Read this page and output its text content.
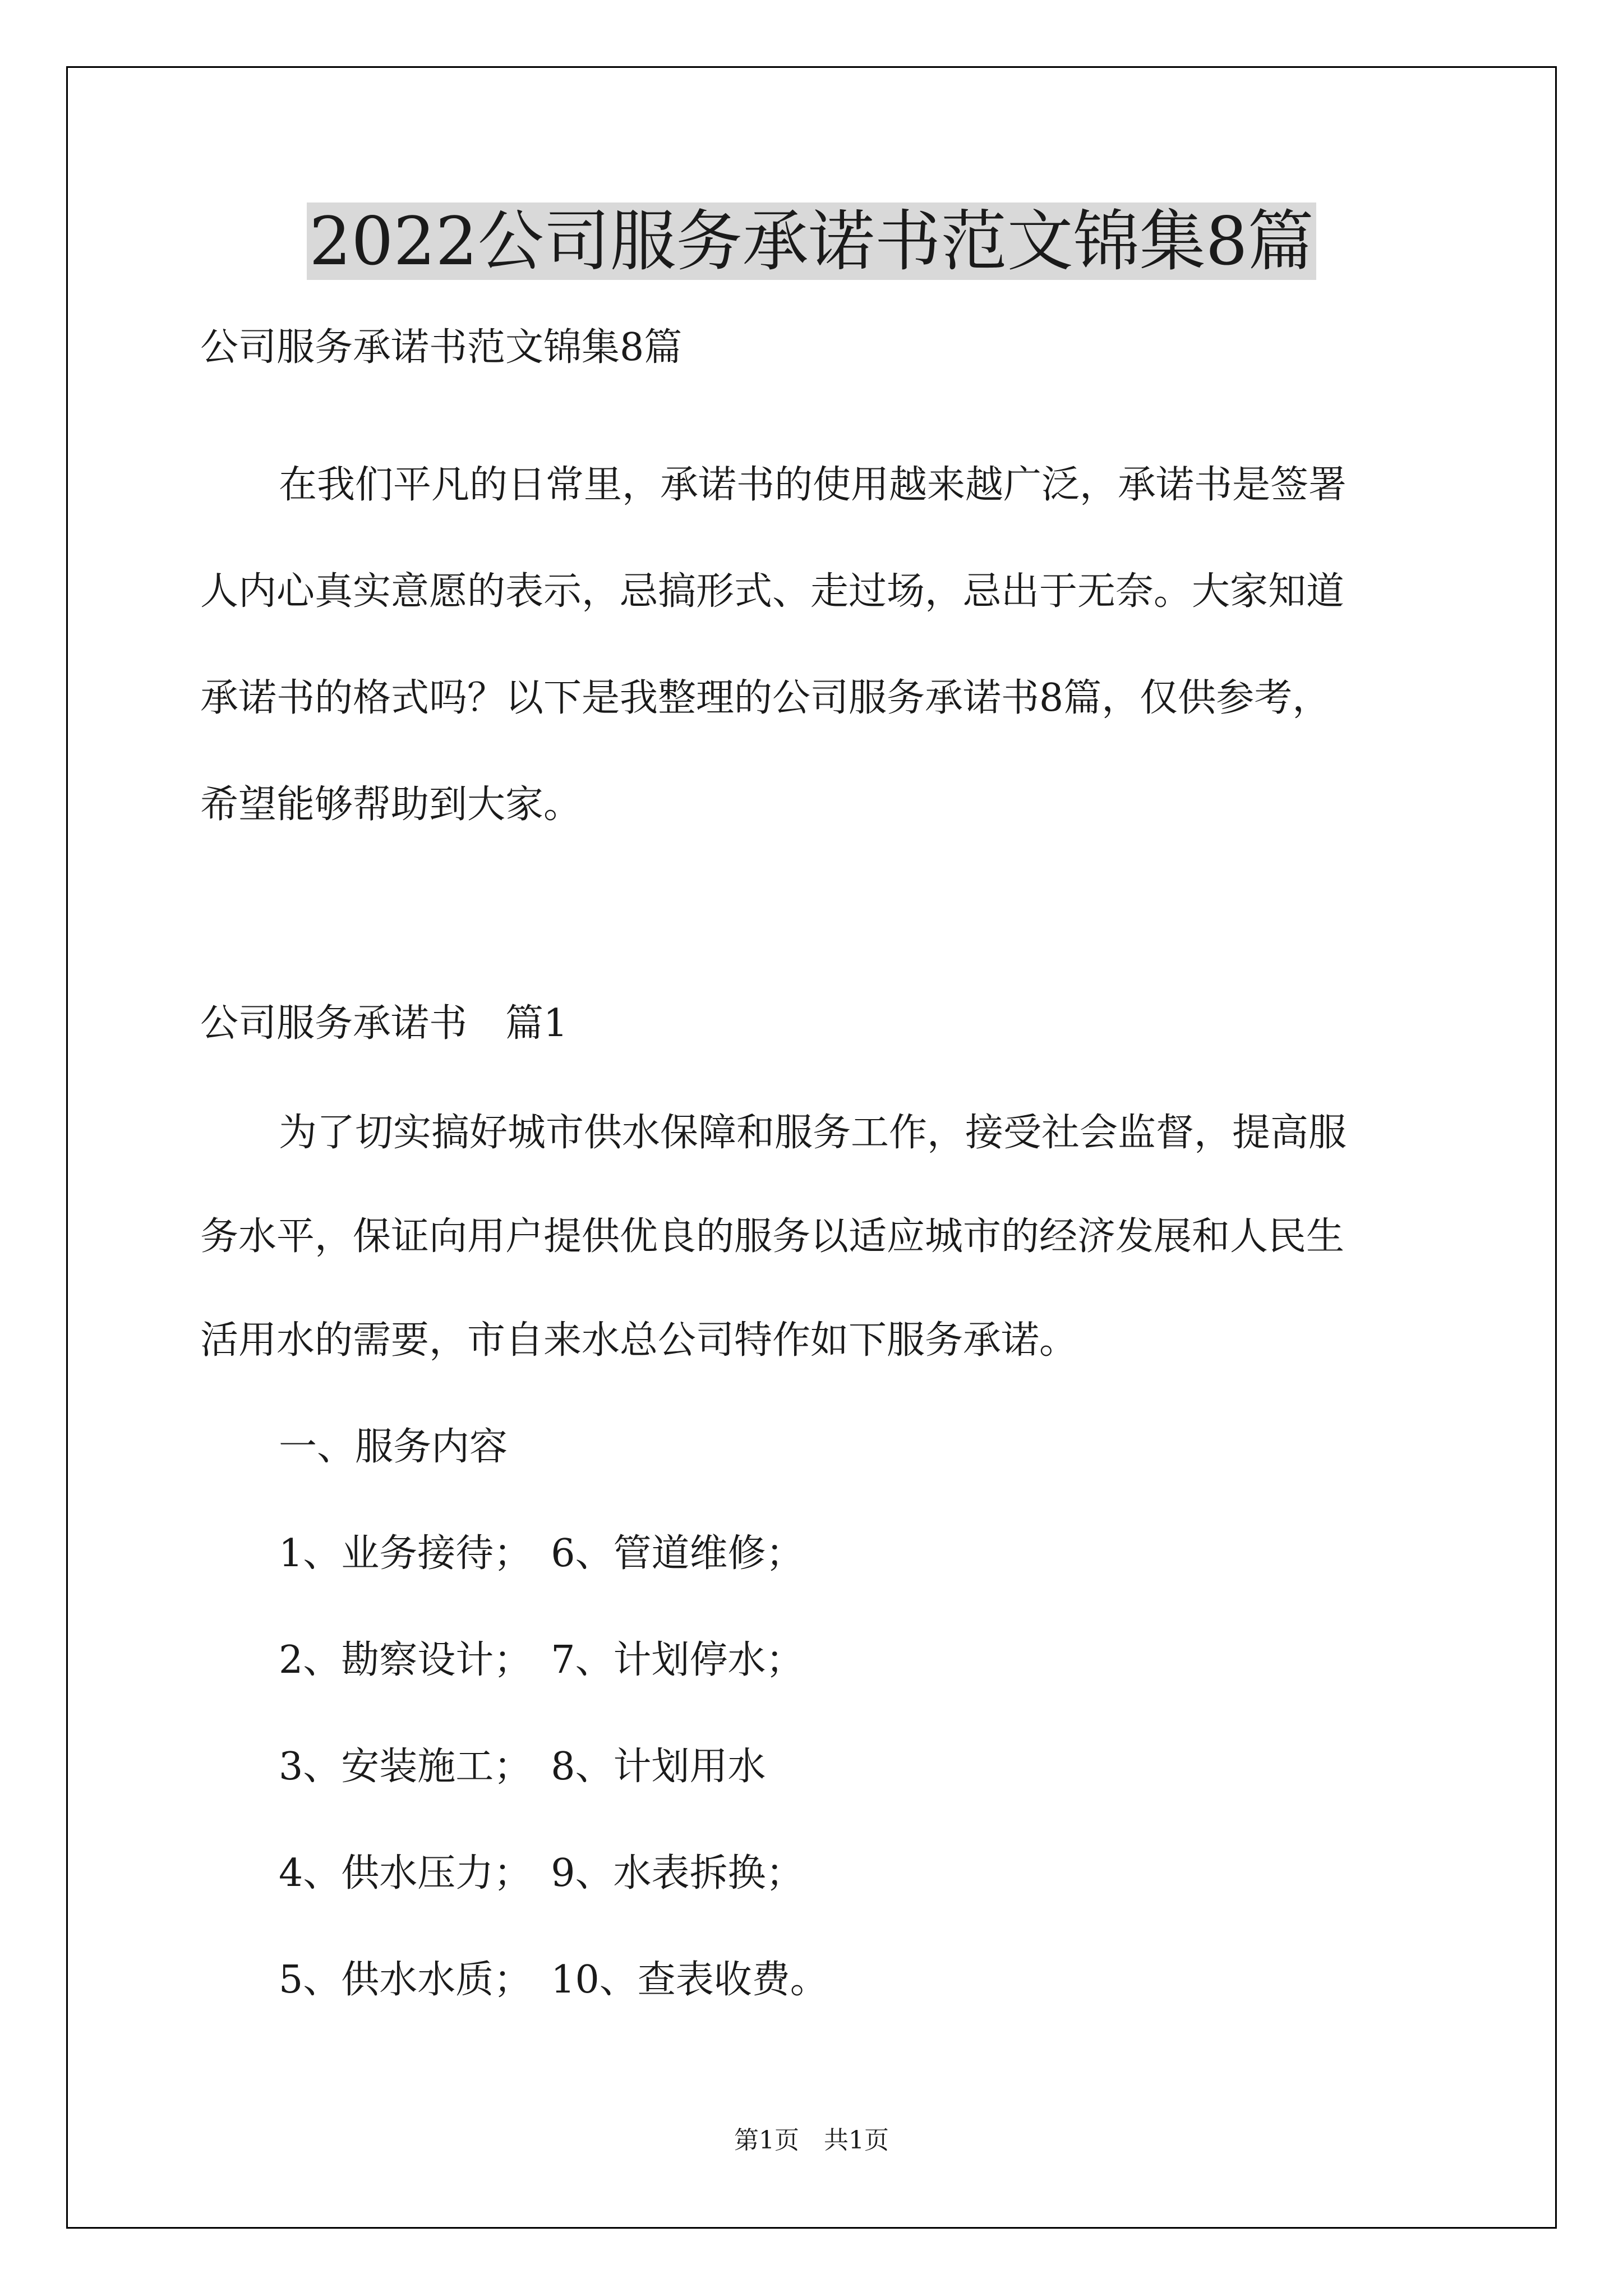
2022公司服务承诺书范文锦集8篇
公司服务承诺书范文锦集8篇
在我们平凡的日常里，承诺书的使用越来越广泛，承诺书是签署
人内心真实意愿的表示，忌搞形式、走过场，忌出于无奈。大家知道
承诺书的格式吗？以下是我整理的公司服务承诺书8篇，仅供参考，
希望能够帮助到大家。
公司服务承诺书　篇1
为了切实搞好城市供水保障和服务工作，接受社会监督，提高服
务水平，保证向用户提供优良的服务以适应城市的经济发展和人民生
活用水的需要，市自来水总公司特作如下服务承诺。
一、服务内容
1、业务接待；　6、管道维修；
2、勘察设计；　7、计划停水；
3、安装施工；　8、计划用水
4、供水压力；　9、水表拆换；
5、供水水质；　10、查表收费。
第1页　共1页
